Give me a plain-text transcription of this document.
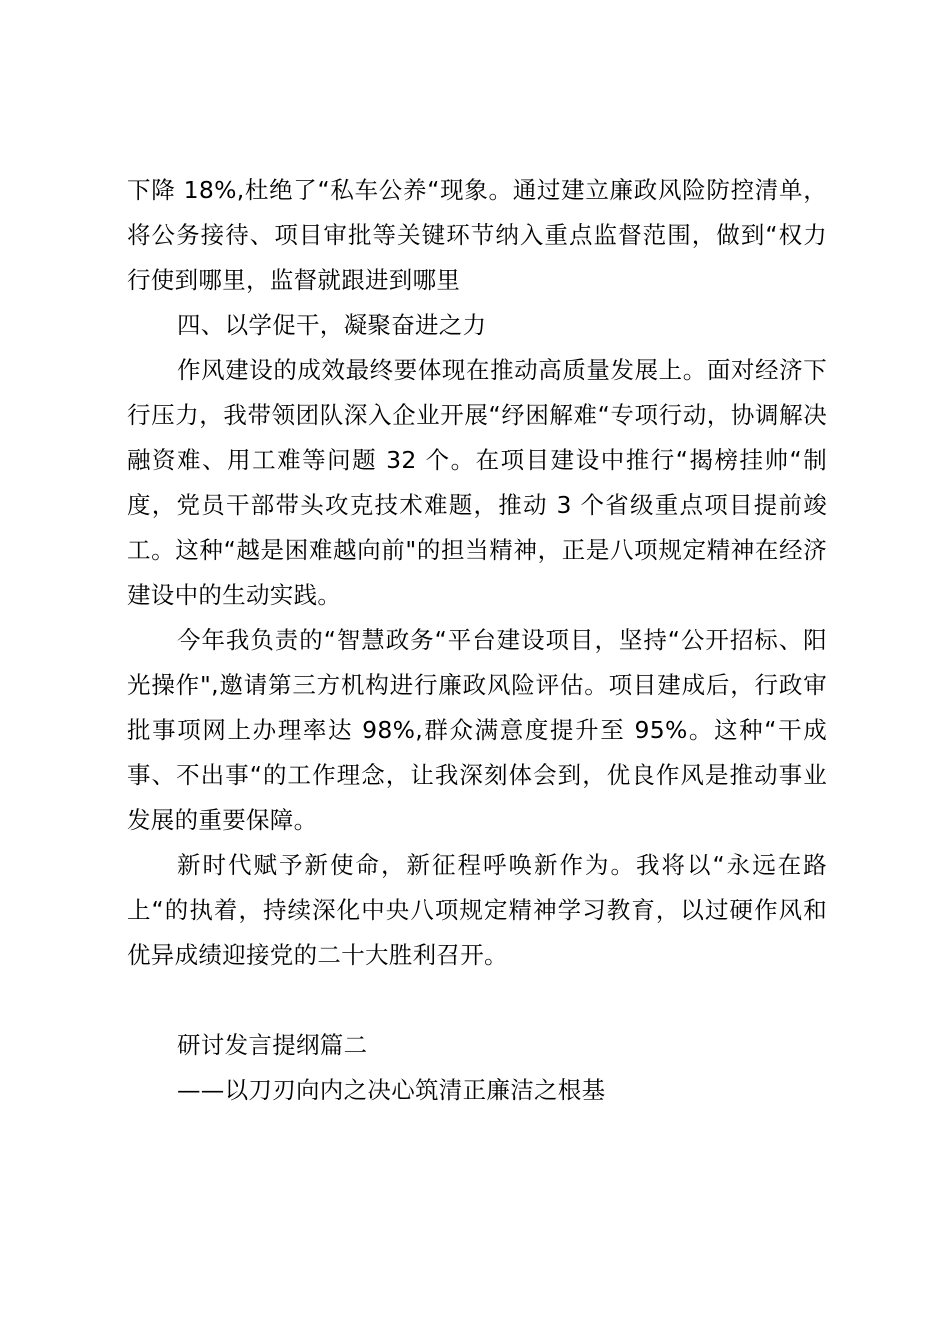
下降 18%,杜绝了“私车公养“现象。通过建立廉政风险防控清单，将公务接待、项目审批等关键环节纳入重点监督范围，做到“权力行使到哪里，监督就跟进到哪里

四、以学促干，凝聚奋进之力

作风建设的成效最终要体现在推动高质量发展上。面对经济下行压力，我带领团队深入企业开展“纾困解难“专项行动，协调解决融资难、用工难等问题 32 个。在项目建设中推行“揭榜挂帅“制度，党员干部带头攻克技术难题，推动 3 个省级重点项目提前竣工。这种“越是困难越向前"的担当精神，正是八项规定精神在经济建设中的生动实践。

今年我负责的“智慧政务“平台建设项目，坚持“公开招标、阳光操作",邀请第三方机构进行廉政风险评估。项目建成后，行政审批事项网上办理率达 98%,群众满意度提升至 95%。这种“干成事、不出事“的工作理念，让我深刻体会到，优良作风是推动事业发展的重要保障。

新时代赋予新使命，新征程呼唤新作为。我将以“永远在路上“的执着，持续深化中央八项规定精神学习教育，以过硬作风和优异成绩迎接党的二十大胜利召开。

研讨发言提纲篇二

——以刀刃向内之决心筑清正廉洁之根基
